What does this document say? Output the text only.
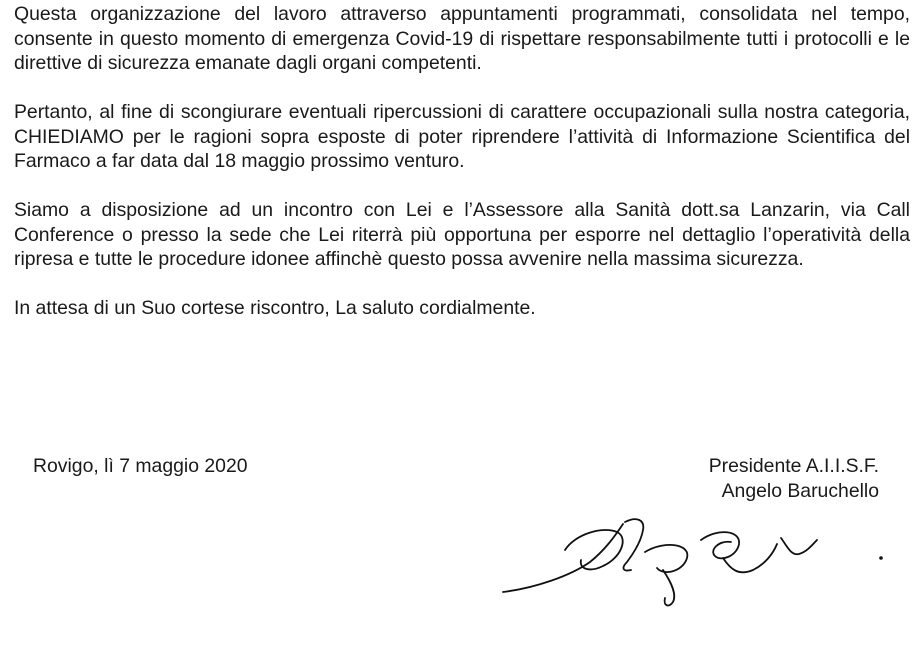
Questa organizzazione del lavoro attraverso appuntamenti programmati, consolidata nel tempo, consente in questo momento di emergenza Covid-19 di rispettare responsabilmente tutti i protocolli e le direttive di sicurezza emanate dagli organi competenti.

Pertanto, al fine di scongiurare eventuali ripercussioni di carattere occupazionali sulla nostra categoria, CHIEDIAMO per le ragioni sopra esposte di poter riprendere l’attività di Informazione Scientifica del Farmaco a far data dal 18 maggio prossimo venturo.

Siamo a disposizione ad un incontro con Lei e l’Assessore alla Sanità dott.sa Lanzarin, via Call Conference o presso la sede che Lei riterrà più opportuna per esporre nel dettaglio l’operatività della ripresa e tutte le procedure idonee affinchè questo possa avvenire nella massima sicurezza.

In attesa di un Suo cortese riscontro, La saluto cordialmente.

Rovigo, lì 7 maggio 2020	Presidente A.I.I.S.F.
Angelo Baruchello
